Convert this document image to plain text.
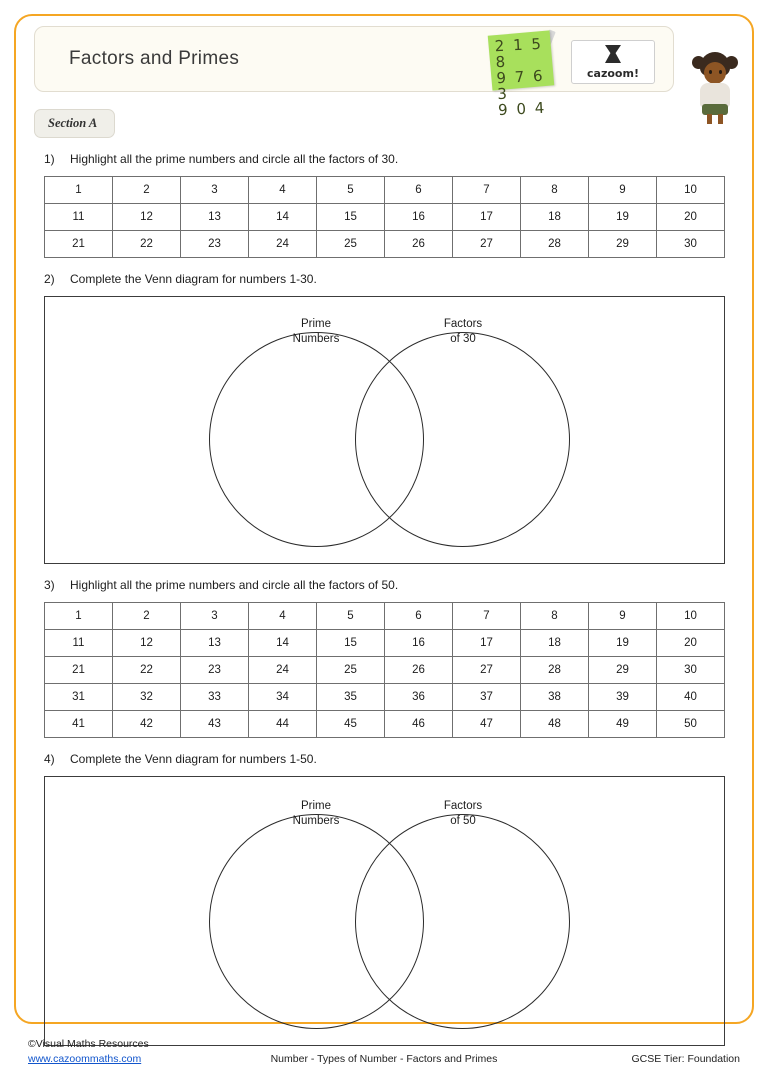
Factors and Primes
2 1 5 8
9 7 6 3
9 0 4
cazoom!
Section A
1)	Highlight all the prime numbers and circle all the factors of 30.
1	2	3	4	5	6	7	8	9	10
11	12	13	14	15	16	17	18	19	20
21	22	23	24	25	26	27	28	29	30
2)	Complete the Venn diagram for numbers 1-30.
Prime
Numbers
Factors
of 30
3)	Highlight all the prime numbers and circle all the factors of 50.
1	2	3	4	5	6	7	8	9	10
11	12	13	14	15	16	17	18	19	20
21	22	23	24	25	26	27	28	29	30
31	32	33	34	35	36	37	38	39	40
41	42	43	44	45	46	47	48	49	50
4)	Complete the Venn diagram for numbers 1-50.
Prime
Numbers
Factors
of 50
©Visual Maths Resources
www.cazoommaths.com	Number - Types of Number - Factors and Primes	GCSE Tier: Foundation
